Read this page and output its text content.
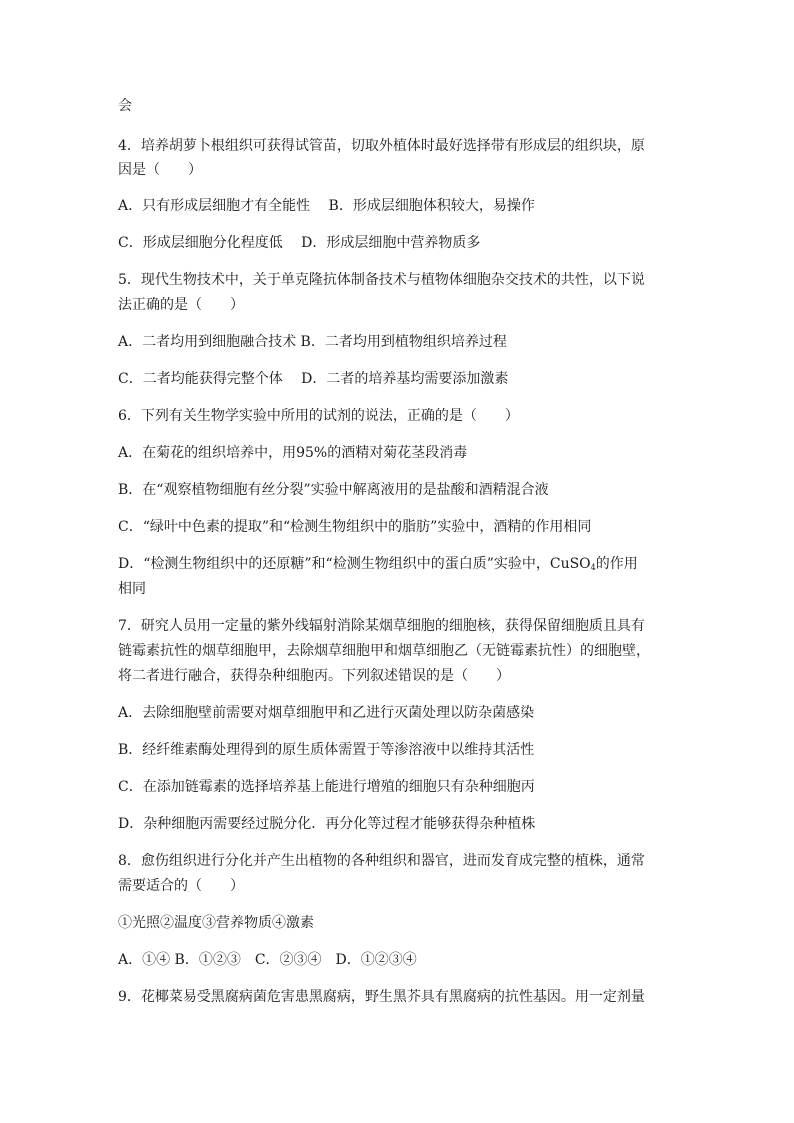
会
4．培养胡萝卜根组织可获得试管苗，切取外植体时最好选择带有形成层的组织块，原
因是（　　）
A．只有形成层细胞才有全能性　 B．形成层细胞体积较大，易操作
C．形成层细胞分化程度低　 D．形成层细胞中营养物质多
5．现代生物技术中，关于单克隆抗体制备技术与植物体细胞杂交技术的共性，以下说
法正确的是（　　）
A．二者均用到细胞融合技术 B．二者均用到植物组织培养过程
C．二者均能获得完整个体　 D．二者的培养基均需要添加激素
6．下列有关生物学实验中所用的试剂的说法，正确的是（　　）
A．在菊花的组织培养中，用95%的酒精对菊花茎段消毒
B．在“观察植物细胞有丝分裂”实验中解离液用的是盐酸和酒精混合液
C．“绿叶中色素的提取”和“检测生物组织中的脂肪”实验中，酒精的作用相同
D．“检测生物组织中的还原糖”和“检测生物组织中的蛋白质”实验中，CuSO$_4$的作用
相同
7．研究人员用一定量的紫外线辐射消除某烟草细胞的细胞核，获得保留细胞质且具有
链霉素抗性的烟草细胞甲，去除烟草细胞甲和烟草细胞乙（无链霉素抗性）的细胞壁，
将二者进行融合，获得杂种细胞丙。下列叙述错误的是（　　）
A．去除细胞壁前需要对烟草细胞甲和乙进行灭菌处理以防杂菌感染
B．经纤维素酶处理得到的原生质体需置于等渗溶液中以维持其活性
C．在添加链霉素的选择培养基上能进行增殖的细胞只有杂种细胞丙
D．杂种细胞丙需要经过脱分化．再分化等过程才能够获得杂种植株
8．愈伤组织进行分化并产生出植物的各种组织和器官，进而发育成完整的植株，通常
需要适合的（　　）
①光照②温度③营养物质④激素
A．①④ B．①②③　C．②③④　D．①②③④
9．花椰菜易受黑腐病菌危害患黑腐病，野生黑芥具有黑腐病的抗性基因。用一定剂量
